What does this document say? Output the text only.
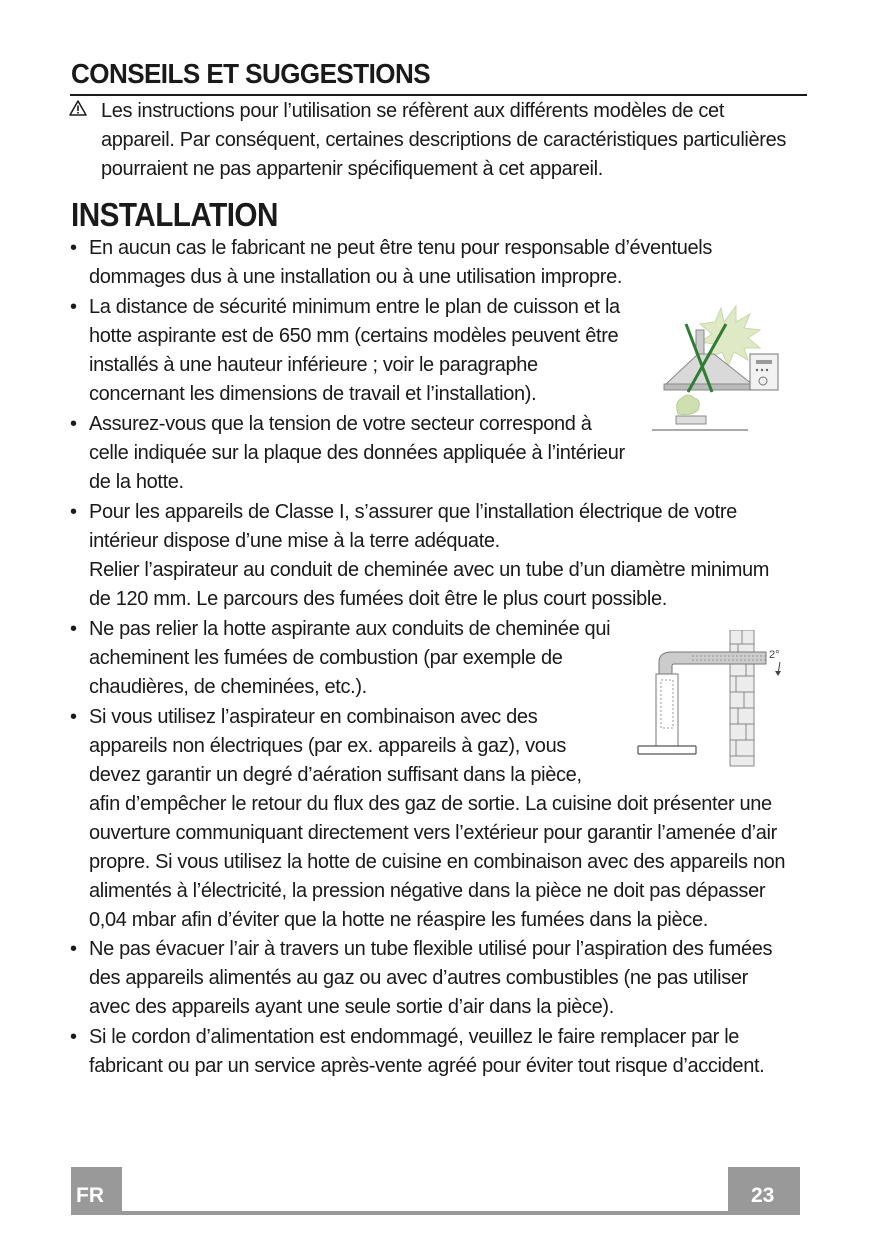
CONSEILS ET SUGGESTIONS
Les instructions pour l’utilisation se réfèrent aux différents modèles de cet
appareil. Par conséquent, certaines descriptions de caractéristiques particulières
pourraient ne pas appartenir spécifiquement à cet appareil.
INSTALLATION
• En aucun cas le fabricant ne peut être tenu pour responsable d’éventuels
dommages dus à une installation ou à une utilisation impropre.
• La distance de sécurité minimum entre le plan de cuisson et la
hotte aspirante est de 650 mm (certains modèles peuvent être
installés à une hauteur inférieure ; voir le paragraphe
concernant les dimensions de travail et l’installation).
• Assurez-vous que la tension de votre secteur correspond à
celle indiquée sur la plaque des données appliquée à l’intérieur
de la hotte.
• Pour les appareils de Classe I, s’assurer que l’installation électrique de votre
intérieur dispose d’une mise à la terre adéquate.
Relier l’aspirateur au conduit de cheminée avec un tube d’un diamètre minimum
de 120 mm. Le parcours des fumées doit être le plus court possible.
• Ne pas relier la hotte aspirante aux conduits de cheminée qui
acheminent les fumées de combustion (par exemple de
chaudières, de cheminées, etc.).
• Si vous utilisez l’aspirateur en combinaison avec des
appareils non électriques (par ex. appareils à gaz), vous
devez garantir un degré d’aération suffisant dans la pièce,
afin d’empêcher le retour du flux des gaz de sortie. La cuisine doit présenter une
ouverture communiquant directement vers l’extérieur pour garantir l’amenée d’air
propre. Si vous utilisez la hotte de cuisine en combinaison avec des appareils non
alimentés à l’électricité, la pression négative dans la pièce ne doit pas dépasser
0,04 mbar afin d’éviter que la hotte ne réaspire les fumées dans la pièce.
• Ne pas évacuer l’air à travers un tube flexible utilisé pour l’aspiration des fumées
des appareils alimentés au gaz ou avec d’autres combustibles (ne pas utiliser
avec des appareils ayant une seule sortie d’air dans la pièce).
• Si le cordon d’alimentation est endommagé, veuillez le faire remplacer par le
fabricant ou par un service après-vente agréé pour éviter tout risque d’accident.
2°
FR	23
